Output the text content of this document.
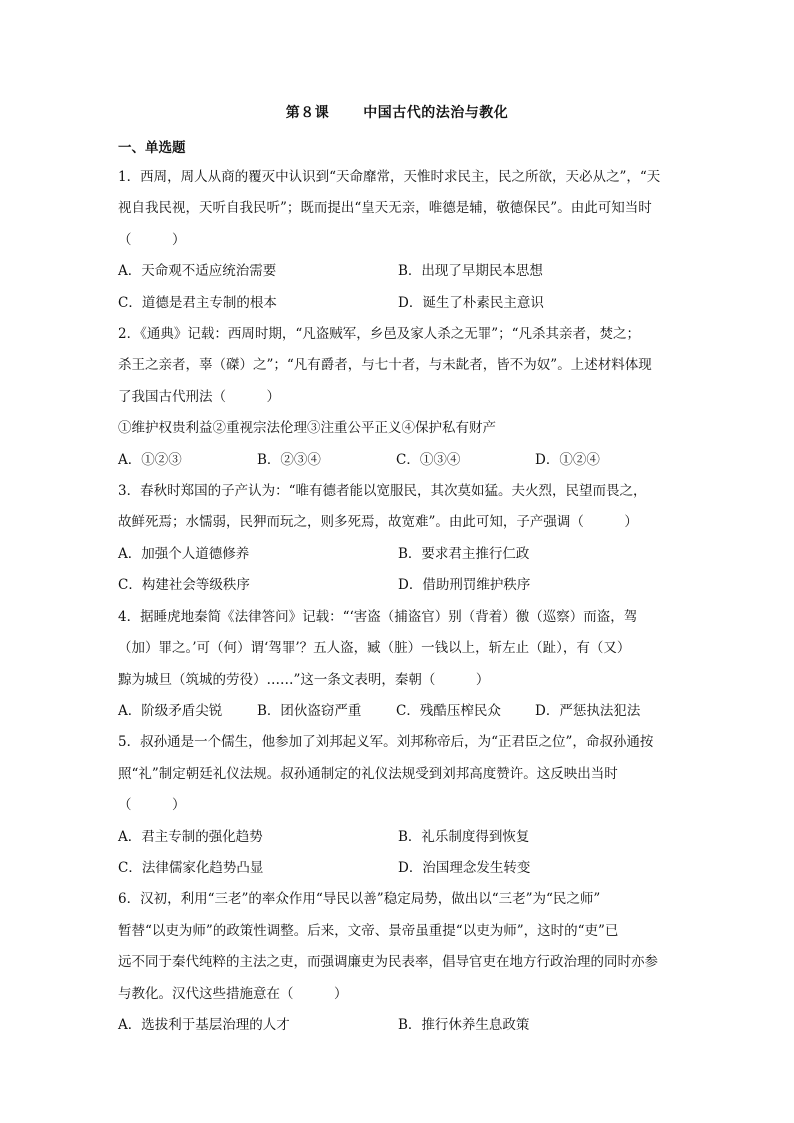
第８课 中国古代的法治与教化
一、单选题

1．西周，周人从商的覆灭中认识到“天命靡常，天惟时求民主，民之所欲，天必从之”，“天

视自我民视，天听自我民听”；既而提出“皇天无亲，唯德是辅，敬德保民”。由此可知当时

（　　　）

A．天命观不适应统治需要	B．出现了早期民本思想
C．道德是君主专制的根本	D．诞生了朴素民主意识

2．《通典》记载：西周时期，“凡盗贼军，乡邑及家人杀之无罪”；“凡杀其亲者，焚之；

杀王之亲者，辜（磔）之”；“凡有爵者，与七十者，与未龀者，皆不为奴”。上述材料体现

了我国古代刑法（　　　）

①维护权贵利益②重视宗法伦理③注重公平正义④保护私有财产

A．①②③	B．②③④	C．①③④	D．①②④

3．春秋时郑国的子产认为：“唯有德者能以宽服民，其次莫如猛。夫火烈，民望而畏之，

故鲜死焉；水懦弱，民狎而玩之，则多死焉，故宽难”。由此可知，子产强调（　　　）

A．加强个人道德修养	B．要求君主推行仁政
C．构建社会等级秩序	D．借助刑罚维护秩序

4．据睡虎地秦简《法律答问》记载：“‘害盗（捕盗官）别（背着）徼（巡察）而盗，驾

（加）罪之。’可（何）谓‘驾罪’？五人盗，臧（脏）一钱以上，斩左止（趾），有（又）

黥为城旦（筑城的劳役）……”这一条文表明，秦朝（　　　）

A．阶级矛盾尖锐	B．团伙盗窃严重	C．残酷压榨民众	D．严惩执法犯法

5．叔孙通是一个儒生，他参加了刘邦起义军。刘邦称帝后，为“正君臣之位”，命叔孙通按

照“礼”制定朝廷礼仪法规。叔孙通制定的礼仪法规受到刘邦高度赞许。这反映出当时

（　　　）

A．君主专制的强化趋势	B．礼乐制度得到恢复
C．法律儒家化趋势凸显	D．治国理念发生转变

6．汉初，利用“三老”的率众作用“导民以善”稳定局势，做出以“三老”为“民之师”

暂替“以吏为师”的政策性调整。后来，文帝、景帝虽重提“以吏为师”，这时的“吏”已

远不同于秦代纯粹的主法之吏，而强调廉吏为民表率，倡导官吏在地方行政治理的同时亦参

与教化。汉代这些措施意在（　　　）

A．选拔利于基层治理的人才	B．推行休养生息政策
